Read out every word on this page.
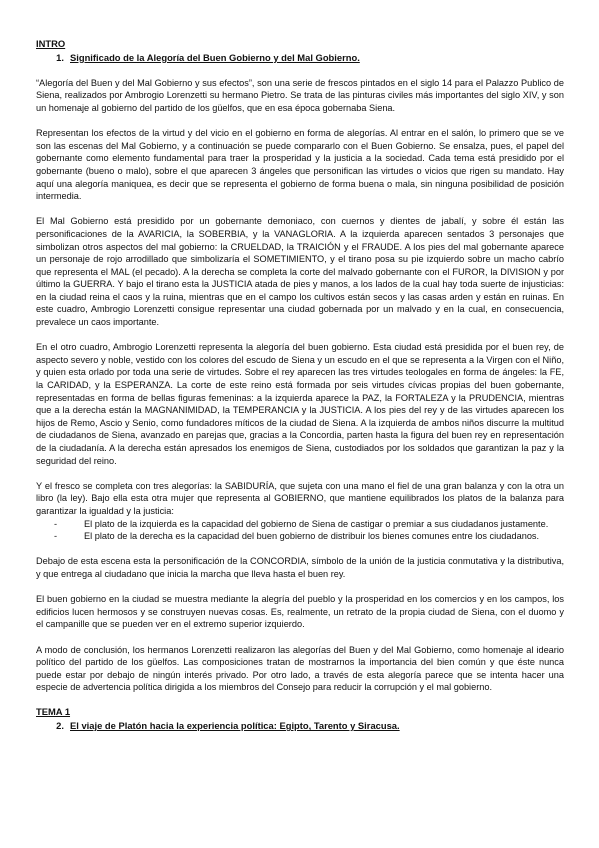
INTRO
1. Significado de la Alegoría del Buen Gobierno y del Mal Gobierno.

“Alegoría del Buen y del Mal Gobierno y sus efectos”, son una serie de frescos pintados en el siglo 14 para el Palazzo Publico de Siena, realizados por Ambrogio Lorenzetti su hermano Pietro. Se trata de las pinturas civiles más importantes del siglo XIV, y son un homenaje al gobierno del partido de los güelfos, que en esa época gobernaba Siena.

Representan los efectos de la virtud y del vicio en el gobierno en forma de alegorías. Al entrar en el salón, lo primero que se ve son las escenas del Mal Gobierno, y a continuación se puede compararlo con el Buen Gobierno. Se ensalza, pues, el papel del gobernante como elemento fundamental para traer la prosperidad y la justicia a la sociedad. Cada tema está presidido por el gobernante (bueno o malo), sobre el que aparecen 3 ángeles que personifican las virtudes o vicios que rigen su mandato. Hay aquí una alegoría maniquea, es decir que se representa el gobierno de forma buena o mala, sin ninguna posibilidad de posición intermedia.

El Mal Gobierno está presidido por un gobernante demoniaco, con cuernos y dientes de jabalí, y sobre él están las personificaciones de la AVARICIA, la SOBERBIA, y la VANAGLORIA. A la izquierda aparecen sentados 3 personajes que simbolizan otros aspectos del mal gobierno: la CRUELDAD, la TRAICIÓN y el FRAUDE. A los pies del mal gobernante aparece un personaje de rojo arrodillado que simbolizaría el SOMETIMIENTO, y el tirano posa su pie izquierdo sobre un macho cabrío que representa el MAL (el pecado). A la derecha se completa la corte del malvado gobernante con el FUROR, la DIVISION y por último la GUERRA. Y bajo el tirano esta la JUSTICIA atada de pies y manos, a los lados de la cual hay toda suerte de injusticias: en la ciudad reina el caos y la ruina, mientras que en el campo los cultivos están secos y las casas arden y están en ruinas. En este cuadro, Ambrogio Lorenzetti consigue representar una ciudad gobernada por un malvado y en la cual, en consecuencia, prevalece un caos importante.

En el otro cuadro, Ambrogio Lorenzetti representa la alegoría del buen gobierno. Esta ciudad está presidida por el buen rey, de aspecto severo y noble, vestido con los colores del escudo de Siena y un escudo en el que se representa a la Virgen con el Niño, y quien esta orlado por toda una serie de virtudes. Sobre el rey aparecen las tres virtudes teologales en forma de ángeles: la FE, la CARIDAD, y la ESPERANZA. La corte de este reino está formada por seis virtudes cívicas propias del buen gobernante, representadas en forma de bellas figuras femeninas: a la izquierda aparece la PAZ, la FORTALEZA y la PRUDENCIA, mientras que a la derecha están la MAGNANIMIDAD, la TEMPERANCIA y la JUSTICIA. A los pies del rey y de las virtudes aparecen los hijos de Remo, Ascio y Senio, como fundadores míticos de la ciudad de Siena. A la izquierda de ambos niños discurre la multitud de ciudadanos de Siena, avanzado en parejas que, gracias a la Concordia, parten hasta la figura del buen rey en representación de la ciudadanía. A la derecha están apresados los enemigos de Siena, custodiados por los soldados que garantizan la paz y la seguridad del reino.

Y el fresco se completa con tres alegorías: la SABIDURÍA, que sujeta con una mano el fiel de una gran balanza y con la otra un libro (la ley). Bajo ella esta otra mujer que representa al GOBIERNO, que mantiene equilibrados los platos de la balanza para garantizar la igualdad y la justicia:

-	El plato de la izquierda es la capacidad del gobierno de Siena de castigar o premiar a sus ciudadanos justamente.
-	El plato de la derecha es la capacidad del buen gobierno de distribuir los bienes comunes entre los ciudadanos.

Debajo de esta escena esta la personificación de la CONCORDIA, símbolo de la unión de la justicia conmutativa y la distributiva, y que entrega al ciudadano que inicia la marcha que lleva hasta el buen rey.

El buen gobierno en la ciudad se muestra mediante la alegría del pueblo y la prosperidad en los comercios y en los campos, los edificios lucen hermosos y se construyen nuevas cosas. Es, realmente, un retrato de la propia ciudad de Siena, con el duomo y el campanille que se pueden ver en el extremo superior izquierdo.

A modo de conclusión, los hermanos Lorenzetti realizaron las alegorías del Buen y del Mal Gobierno, como homenaje al ideario político del partido de los güelfos. Las composiciones tratan de mostrarnos la importancia del bien común y que éste nunca puede estar por debajo de ningún interés privado. Por otro lado, a través de esta alegoría parece que se intenta hacer una especie de advertencia política dirigida a los miembros del Consejo para reducir la corrupción y el mal gobierno.

TEMA 1
2. El viaje de Platón hacia la experiencia política: Egipto, Tarento y Siracusa.
